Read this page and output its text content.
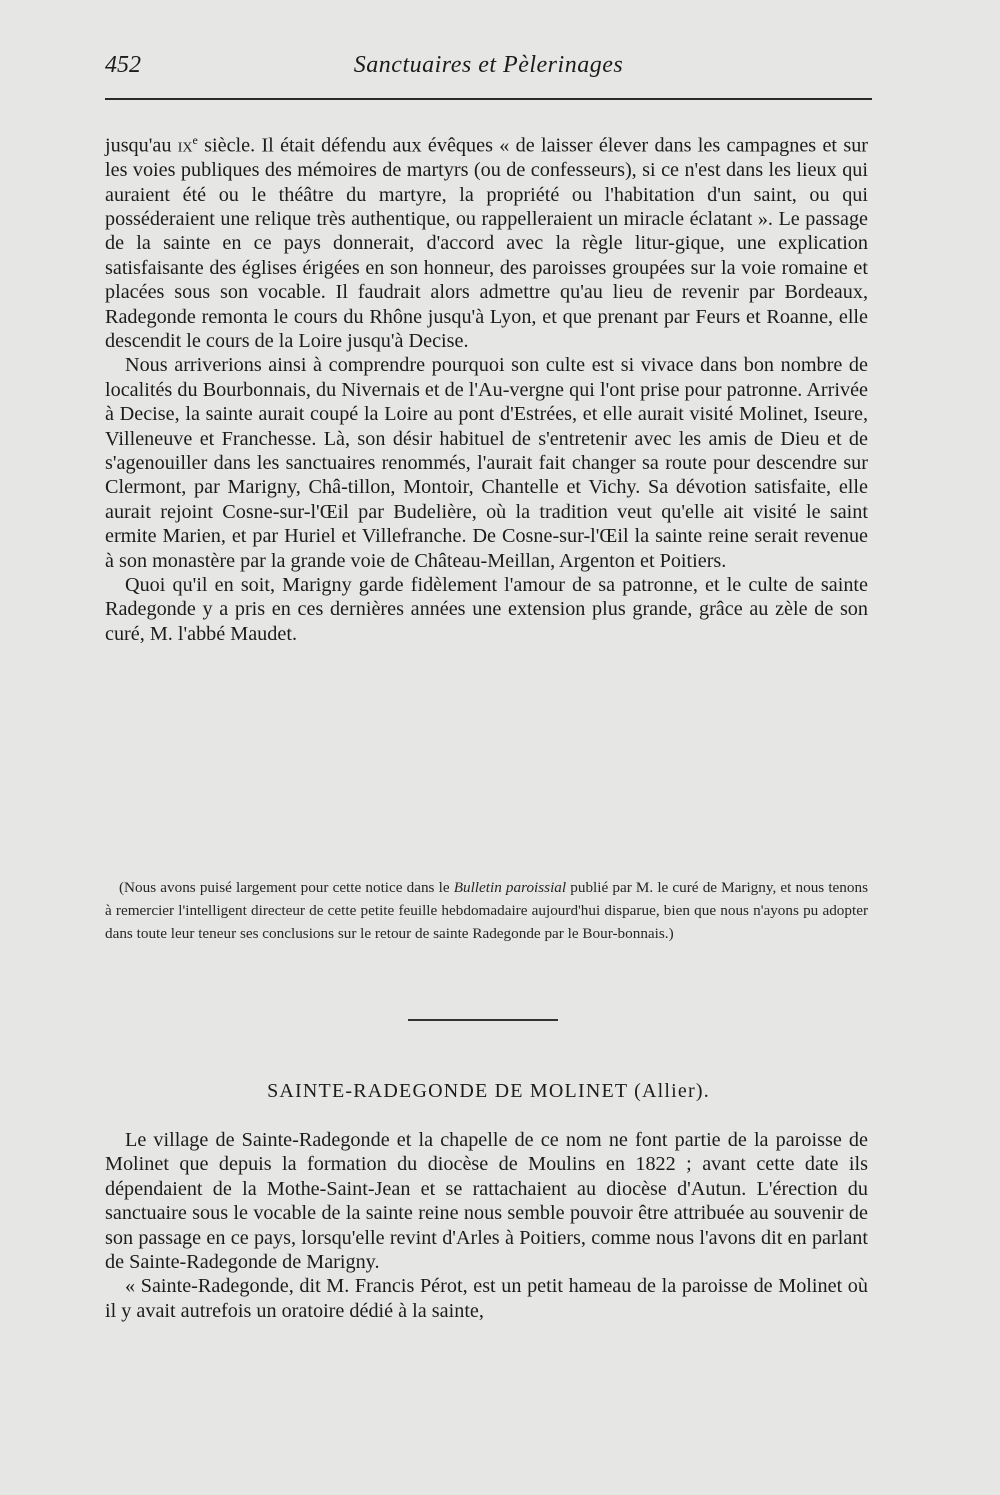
452	Sanctuaires et Pèlerinages

jusqu'au $ix^e$ siècle. Il était défendu aux évêques « de laisser élever dans les campagnes et sur les voies publiques des mémoires de martyrs (ou de confesseurs), si ce n'est dans les lieux qui auraient été ou le théâtre du martyre, la propriété ou l'habitation d'un saint, ou qui posséderaient une relique très authentique, ou rappelleraient un miracle éclatant ». Le passage de la sainte en ce pays donnerait, d'accord avec la règle litur-gique, une explication satisfaisante des églises érigées en son honneur, des paroisses groupées sur la voie romaine et placées sous son vocable. Il faudrait alors admettre qu'au lieu de revenir par Bordeaux, Radegonde remonta le cours du Rhône jusqu'à Lyon, et que prenant par Feurs et Roanne, elle descendit le cours de la Loire jusqu'à Decise.

Nous arriverions ainsi à comprendre pourquoi son culte est si vivace dans bon nombre de localités du Bourbonnais, du Nivernais et de l'Au-vergne qui l'ont prise pour patronne. Arrivée à Decise, la sainte aurait coupé la Loire au pont d'Estrées, et elle aurait visité Molinet, Iseure, Villeneuve et Franchesse. Là, son désir habituel de s'entretenir avec les amis de Dieu et de s'agenouiller dans les sanctuaires renommés, l'aurait fait changer sa route pour descendre sur Clermont, par Marigny, Châ-tillon, Montoir, Chantelle et Vichy. Sa dévotion satisfaite, elle aurait rejoint Cosne-sur-l'Œil par Budelière, où la tradition veut qu'elle ait visité le saint ermite Marien, et par Huriel et Villefranche. De Cosne-sur-l'Œil la sainte reine serait revenue à son monastère par la grande voie de Château-Meillan, Argenton et Poitiers.

Quoi qu'il en soit, Marigny garde fidèlement l'amour de sa patronne, et le culte de sainte Radegonde y a pris en ces dernières années une extension plus grande, grâce au zèle de son curé, M. l'abbé Maudet.

(Nous avons puisé largement pour cette notice dans le Bulletin paroissial publié par M. le curé de Marigny, et nous tenons à remercier l'intelligent directeur de cette petite feuille hebdomadaire aujourd'hui disparue, bien que nous n'ayons pu adopter dans toute leur teneur ses conclusions sur le retour de sainte Radegonde par le Bour-bonnais.)
SAINTE-RADEGONDE DE MOLINET (Allier).

Le village de Sainte-Radegonde et la chapelle de ce nom ne font partie de la paroisse de Molinet que depuis la formation du diocèse de Moulins en 1822 ; avant cette date ils dépendaient de la Mothe-Saint-Jean et se rattachaient au diocèse d'Autun. L'érection du sanctuaire sous le vocable de la sainte reine nous semble pouvoir être attribuée au souvenir de son passage en ce pays, lorsqu'elle revint d'Arles à Poitiers, comme nous l'avons dit en parlant de Sainte-Radegonde de Marigny.

« Sainte-Radegonde, dit M. Francis Pérot, est un petit hameau de la paroisse de Molinet où il y avait autrefois un oratoire dédié à la sainte,
